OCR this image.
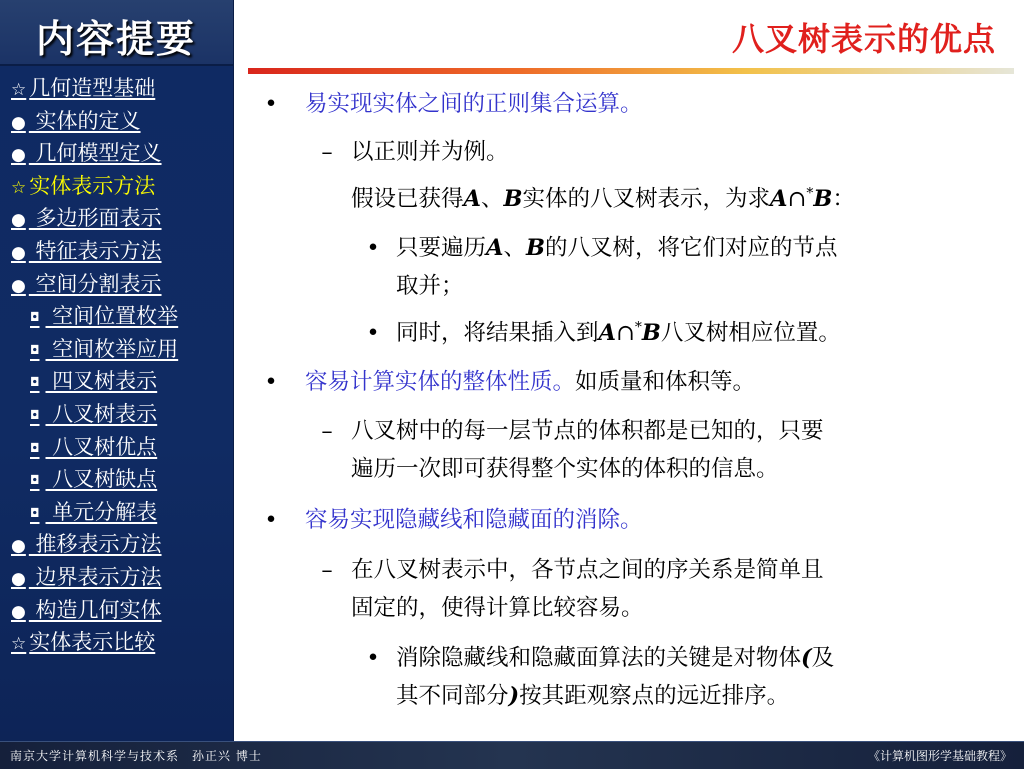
内容提要
☆ 几何造型基础
● 实体的定义
● 几何模型定义
☆ 实体表示方法
● 多边形面表示
● 特征表示方法
● 空间分割表示
◘ 空间位置枚举
◘ 空间枚举应用
◘ 四叉树表示
◘ 八叉树表示
◘ 八叉树优点
◘ 八叉树缺点
◘ 单元分解表
● 推移表示方法
● 边界表示方法
● 构造几何实体
☆ 实体表示比较
八叉树表示的优点
• 易实现实体之间的正则集合运算。
– 以正则并为例。
假设已获得A、B实体的八叉树表示，为求A∩*B：
• 只要遍历A、B的八叉树，将它们对应的节点
取并；
• 同时，将结果插入到A∩*B八叉树相应位置。
• 容易计算实体的整体性质。如质量和体积等。
– 八叉树中的每一层节点的体积都是已知的，只要
遍历一次即可获得整个实体的体积的信息。
• 容易实现隐藏线和隐藏面的消除。
– 在八叉树表示中，各节点之间的序关系是简单且
固定的，使得计算比较容易。
• 消除隐藏线和隐藏面算法的关键是对物体(及
其不同部分)按其距观察点的远近排序。
南京大学计算机科学与技术系　孙正兴 博士	《计算机图形学基础教程》
